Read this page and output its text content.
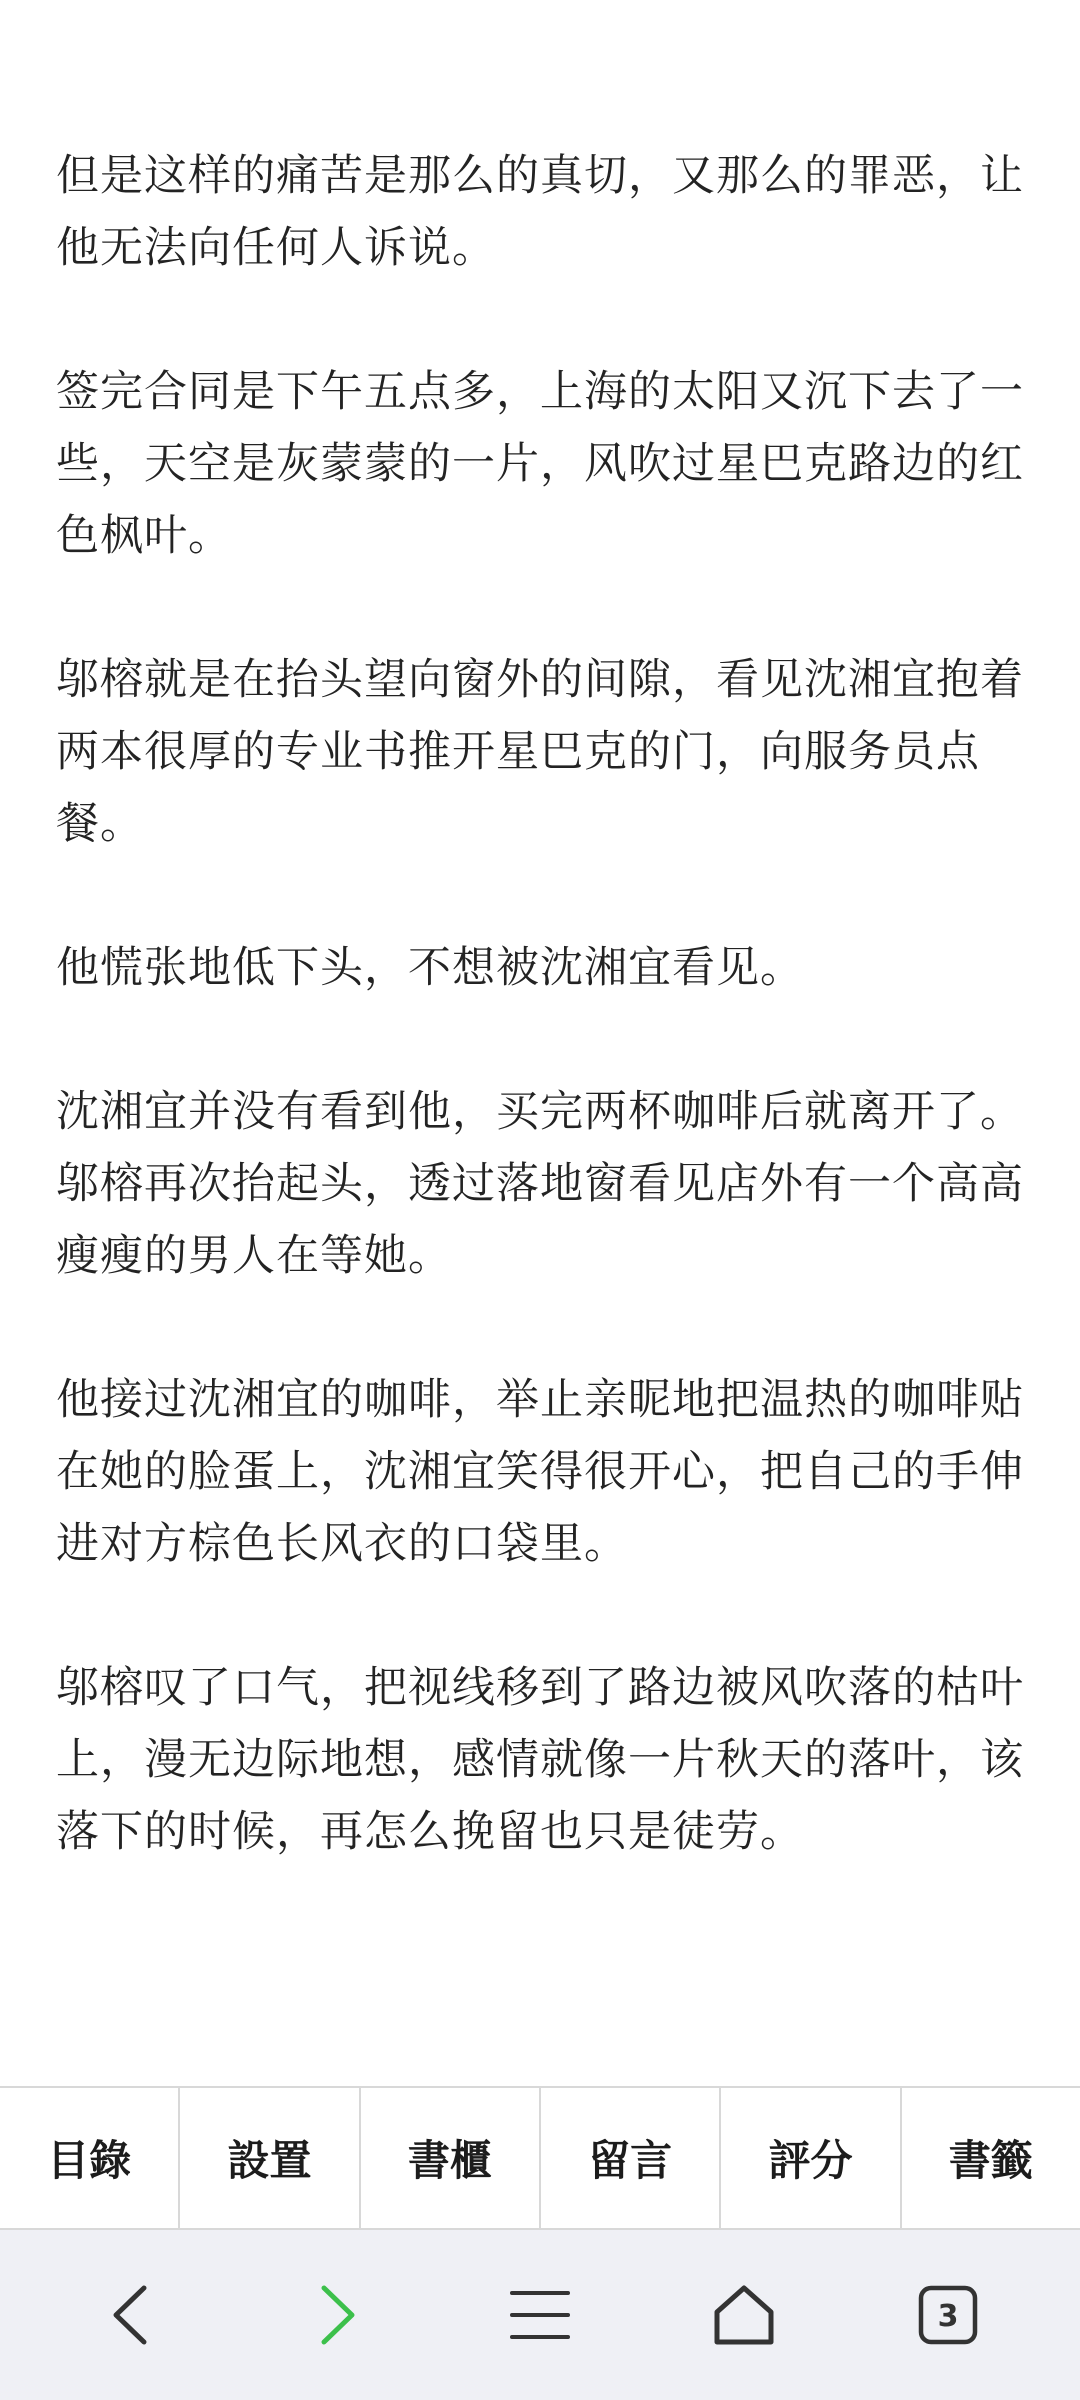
但是这样的痛苦是那么的真切，又那么的罪恶，让他无法向任何人诉说。

签完合同是下午五点多，上海的太阳又沉下去了一些，天空是灰蒙蒙的一片，风吹过星巴克路边的红色枫叶。

邬榕就是在抬头望向窗外的间隙，看见沈湘宜抱着两本很厚的专业书推开星巴克的门，向服务员点餐。

他慌张地低下头，不想被沈湘宜看见。

沈湘宜并没有看到他，买完两杯咖啡后就离开了。邬榕再次抬起头，透过落地窗看见店外有一个高高瘦瘦的男人在等她。

他接过沈湘宜的咖啡，举止亲昵地把温热的咖啡贴在她的脸蛋上，沈湘宜笑得很开心，把自己的手伸进对方棕色长风衣的口袋里。

邬榕叹了口气，把视线移到了路边被风吹落的枯叶上，漫无边际地想，感情就像一片秋天的落叶，该落下的时候，再怎么挽留也只是徒劳。

目錄	設置	書櫃	留言	評分	書籤
3
